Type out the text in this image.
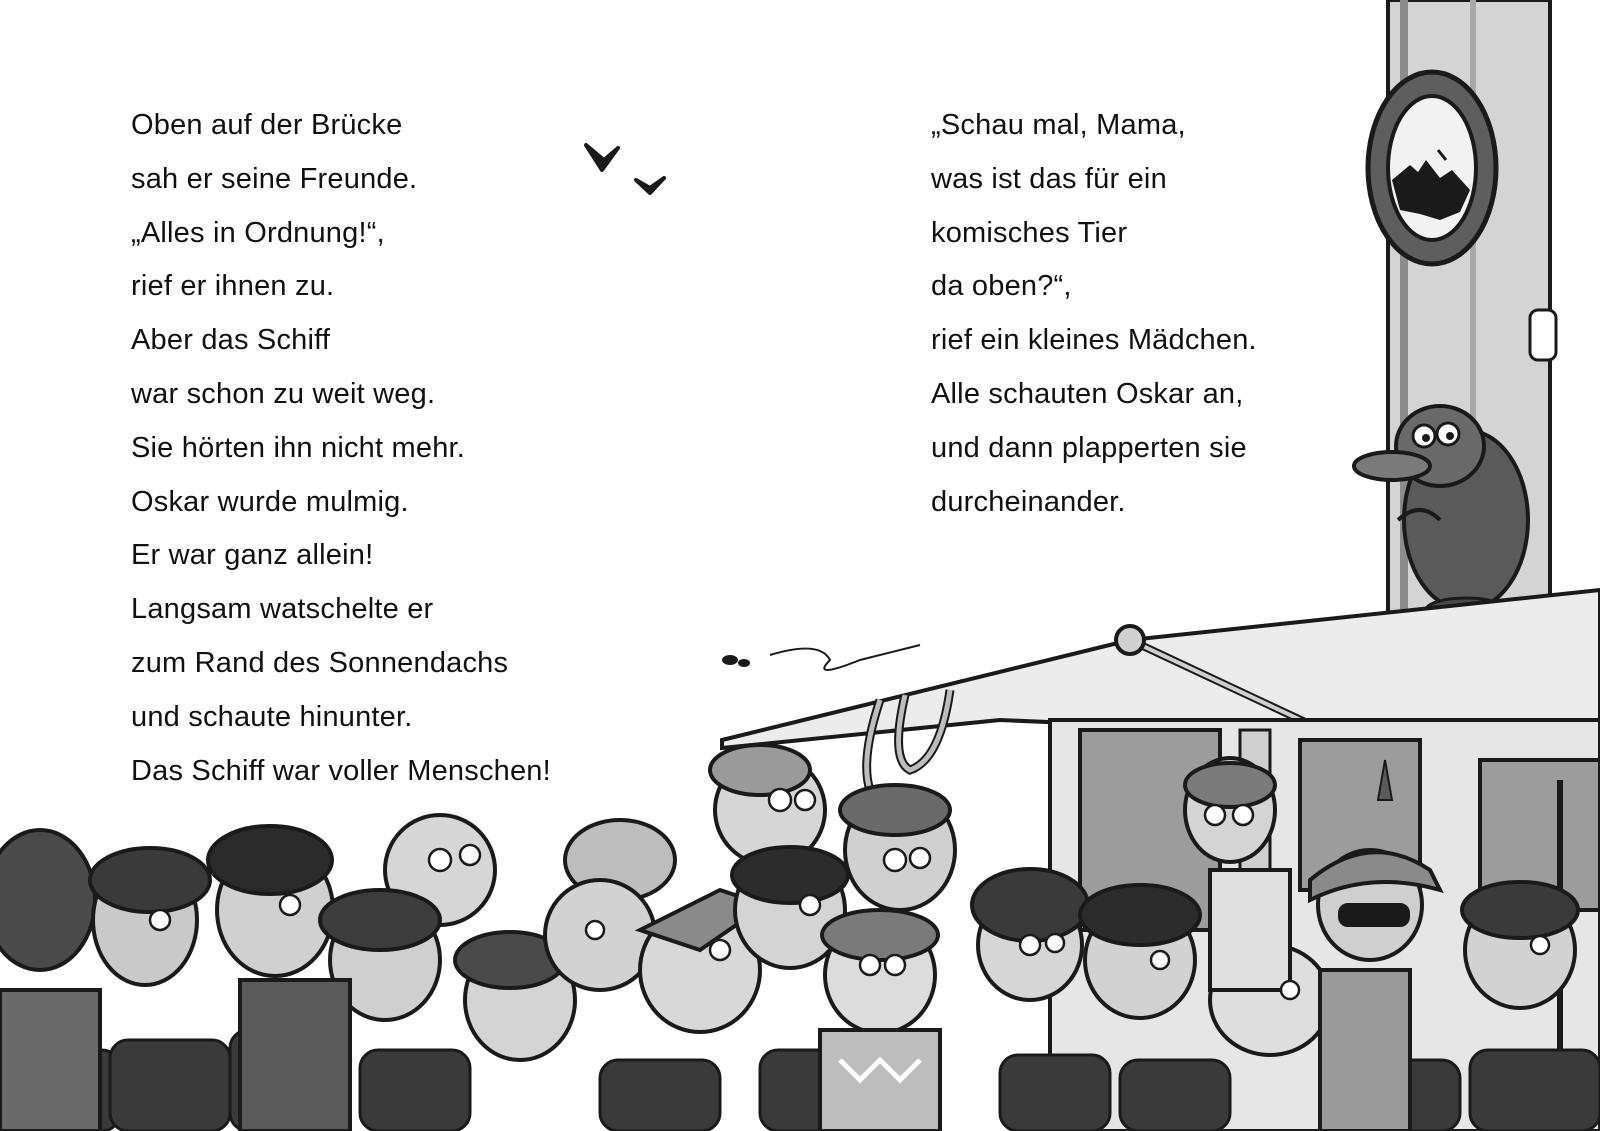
Oben auf der Brücke
sah er seine Freunde.
„Alles in Ordnung!“,
rief er ihnen zu.
Aber das Schiff
war schon zu weit weg.
Sie hörten ihn nicht mehr.
Oskar wurde mulmig.
Er war ganz allein!
Langsam watschelte er
zum Rand des Sonnendachs
und schaute hinunter.
Das Schiff war voller Menschen!
„Schau mal, Mama,
was ist das für ein
komisches Tier
da oben?“,
rief ein kleines Mädchen.
Alle schauten Oskar an,
und dann plapperten sie
durcheinander.
